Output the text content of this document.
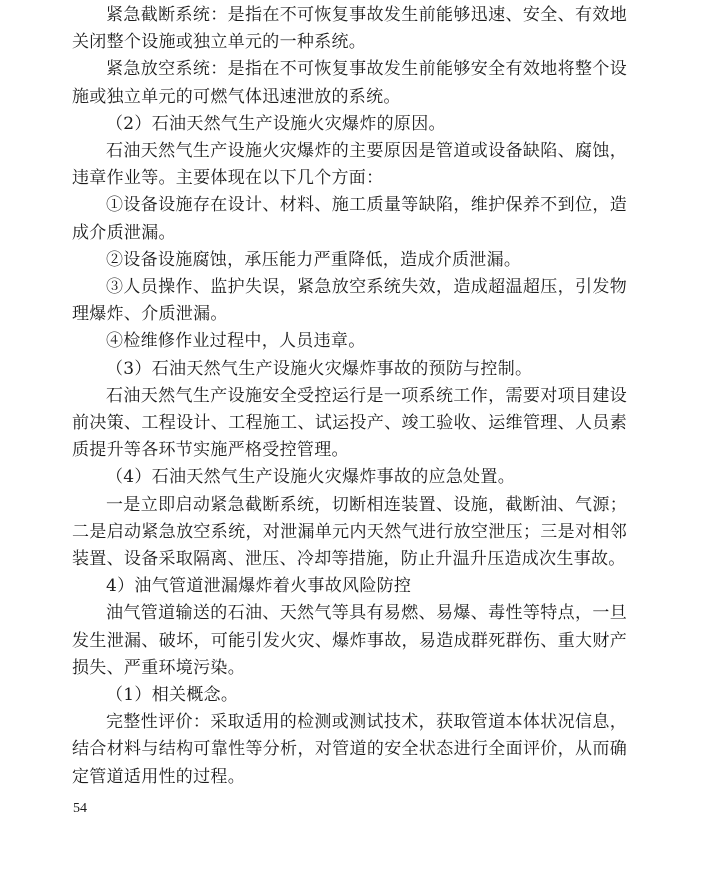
紧急截断系统：是指在不可恢复事故发生前能够迅速、安全、有效地关闭整个设施或独立单元的一种系统。

紧急放空系统：是指在不可恢复事故发生前能够安全有效地将整个设施或独立单元的可燃气体迅速泄放的系统。

（2）石油天然气生产设施火灾爆炸的原因。

石油天然气生产设施火灾爆炸的主要原因是管道或设备缺陷、腐蚀，违章作业等。主要体现在以下几个方面：

①设备设施存在设计、材料、施工质量等缺陷，维护保养不到位，造成介质泄漏。

②设备设施腐蚀，承压能力严重降低，造成介质泄漏。

③人员操作、监护失误，紧急放空系统失效，造成超温超压，引发物理爆炸、介质泄漏。

④检维修作业过程中，人员违章。

（3）石油天然气生产设施火灾爆炸事故的预防与控制。

石油天然气生产设施安全受控运行是一项系统工作，需要对项目建设前决策、工程设计、工程施工、试运投产、竣工验收、运维管理、人员素质提升等各环节实施严格受控管理。

（4）石油天然气生产设施火灾爆炸事故的应急处置。

一是立即启动紧急截断系统，切断相连装置、设施，截断油、气源；二是启动紧急放空系统，对泄漏单元内天然气进行放空泄压；三是对相邻装置、设备采取隔离、泄压、冷却等措施，防止升温升压造成次生事故。

4）油气管道泄漏爆炸着火事故风险防控

油气管道输送的石油、天然气等具有易燃、易爆、毒性等特点，一旦发生泄漏、破坏，可能引发火灾、爆炸事故，易造成群死群伤、重大财产损失、严重环境污染。

（1）相关概念。

完整性评价：采取适用的检测或测试技术，获取管道本体状况信息，结合材料与结构可靠性等分析，对管道的安全状态进行全面评价，从而确定管道适用性的过程。

54
